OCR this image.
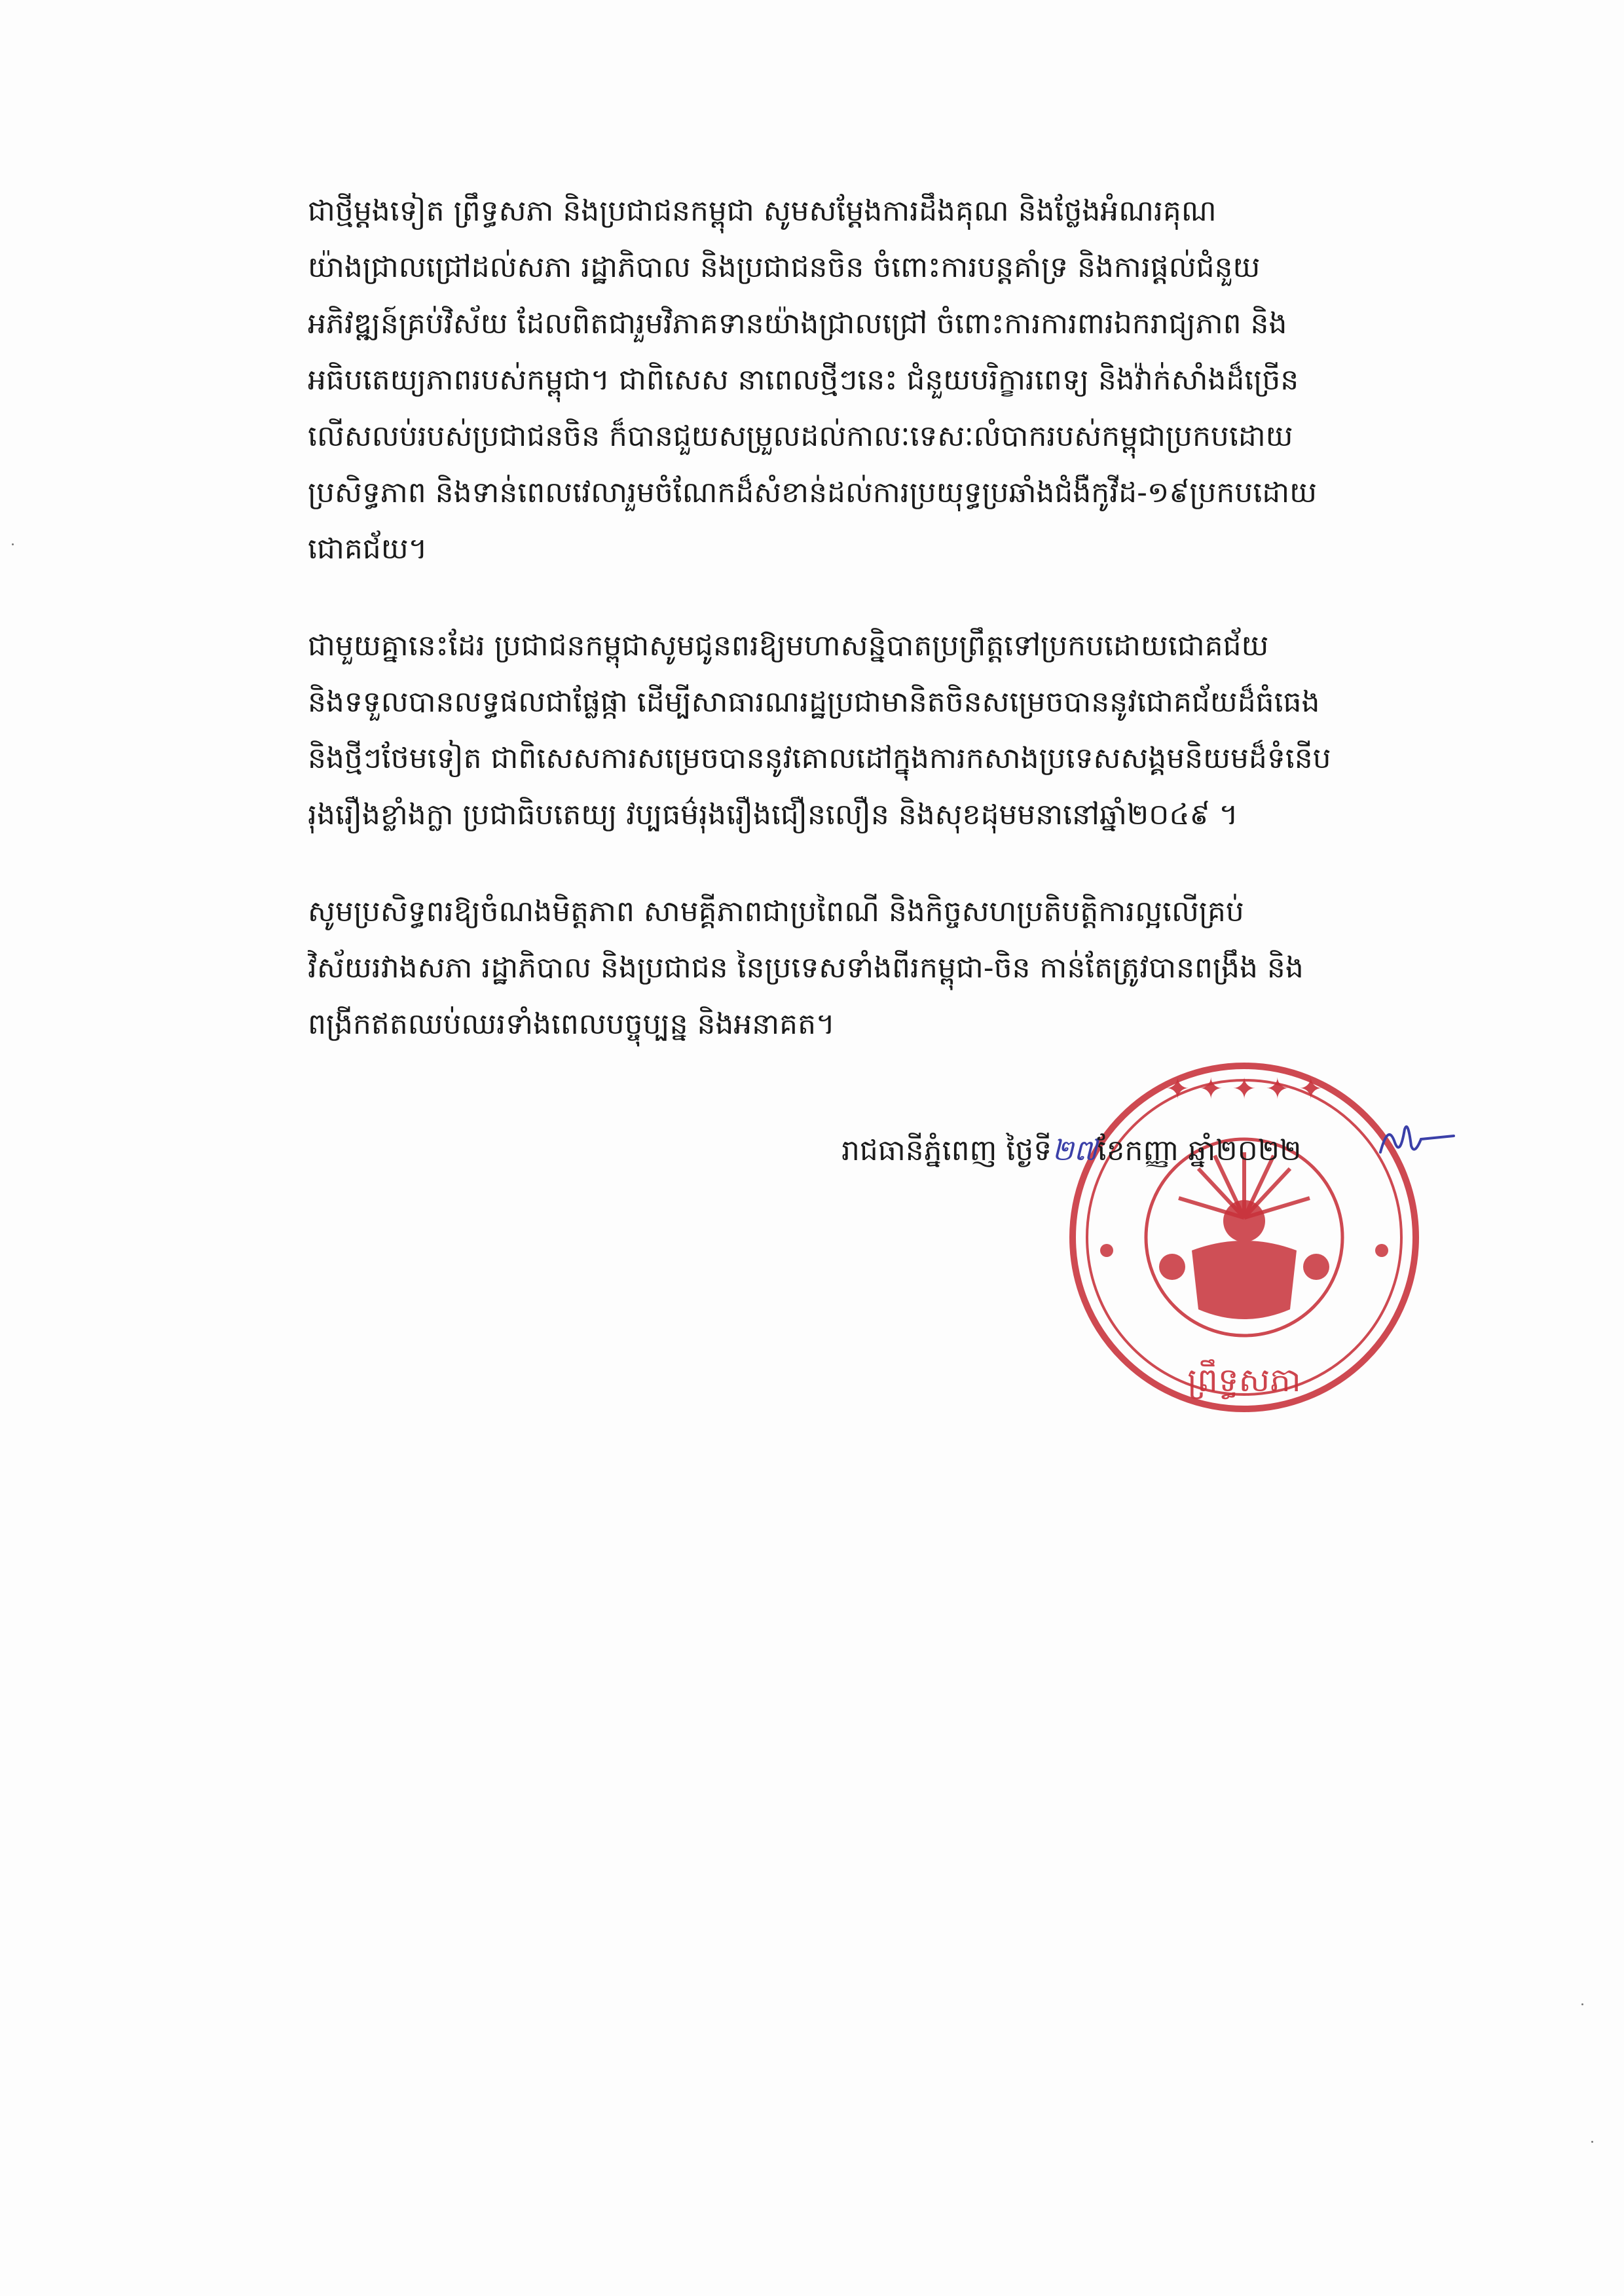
ជាថ្មីម្តងទៀត ព្រឹទ្ធសភា និងប្រជាជនកម្ពុជា សូមសម្តែងការដឹងគុណ និងថ្លែងអំណរគុណ
យ៉ាងជ្រាលជ្រៅដល់សភា រដ្ឋាភិបាល និងប្រជាជនចិន ចំពោះការបន្តគាំទ្រ និងការផ្តល់ជំនួយ
អភិវឌ្ឍន៍គ្រប់វិស័យ ដែលពិតជារួមវិភាគទានយ៉ាងជ្រាលជ្រៅ ចំពោះការការពារឯករាជ្យភាព និង
អធិបតេយ្យភាពរបស់កម្ពុជា។ ជាពិសេស នាពេលថ្មីៗនេះ ជំនួយបរិក្ខារពេទ្យ និងវ៉ាក់សាំងដ៏ច្រើន
លើសលប់របស់ប្រជាជនចិន ក៏បានជួយសម្រួលដល់កាលៈទេសៈលំបាករបស់កម្ពុជាប្រកបដោយ
ប្រសិទ្ធភាព និងទាន់ពេលវេលារួមចំណែកដ៏សំខាន់ដល់ការប្រយុទ្ធប្រឆាំងជំងឺកូវីដ-១៩ប្រកបដោយ
ជោគជ័យ។

ជាមួយគ្នានេះដែរ ប្រជាជនកម្ពុជាសូមជូនពរឱ្យមហាសន្និបាតប្រព្រឹត្តទៅប្រកបដោយជោគជ័យ
និងទទួលបានលទ្ធផលជាផ្លែផ្កា ដើម្បីសាធារណរដ្ឋប្រជាមានិតចិនសម្រេចបាននូវជោគជ័យដ៏ធំធេង
និងថ្មីៗថែមទៀត ជាពិសេសការសម្រេចបាននូវគោលដៅក្នុងការកសាងប្រទេសសង្គមនិយមដ៏ទំនើប
រុងរឿងខ្លាំងក្លា ប្រជាធិបតេយ្យ វប្បធម៌រុងរឿងជឿនលឿន និងសុខដុមមនានៅឆ្នាំ២០៤៩ ។

សូមប្រសិទ្ធពរឱ្យចំណងមិត្តភាព សាមគ្គីភាពជាប្រពៃណី និងកិច្ចសហប្រតិបត្តិការល្អលើគ្រប់
វិស័យរវាងសភា រដ្ឋាភិបាល និងប្រជាជន នៃប្រទេសទាំងពីរកម្ពុជា-ចិន កាន់តែត្រូវបានពង្រឹង និង
ពង្រីកឥតឈប់ឈរទាំងពេលបច្ចុប្បន្ន និងអនាគត។

✦ ✦ ✦ ✦ ✦
ព្រឹទ្ធសភា
រាជធានីភ្នំពេញ ថ្ងៃទី២៧ខែកញ្ញា ឆ្នាំ២០២២
